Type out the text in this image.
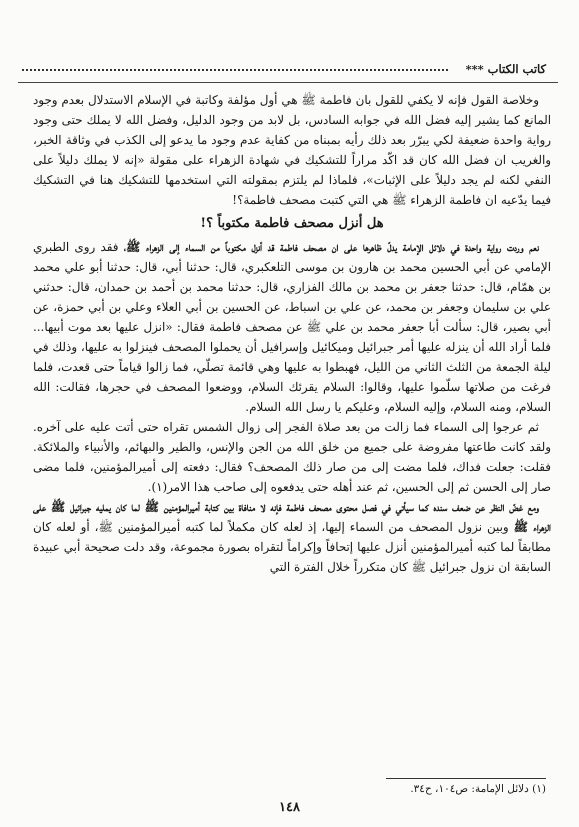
كاتب الكتاب ***

وخلاصة القول فإنه لا يكفي للقول بان فاطمة ﷺ هي أول مؤلفة وكاتبة في الإسلام الاستدلال بعدم وجود المانع كما يشير إليه فضل الله في جوابه السادس، بل لابد من وجود الدليل، وفضل الله لا يملك حتى وجود رواية واحدة ضعيفة لكي يبرّر بعد ذلك رأيه بمبناه من كفاية عدم وجود ما يدعو إلى الكذب في وثاقة الخبر، والغريب ان فضل الله كان قد اكّد مراراً للتشكيك في شهادة الزهراء على مقولة «إنه لا يملك دليلاً على النفي لكنه لم يجد دليلاً على الإثبات»، فلماذا لم يلتزم بمقولته التي استخدمها للتشكيك هنا في التشكيك فيما يدّعيه ان فاطمة الزهراء ﷺ هي التي كتبت مصحف فاطمة؟!

هل أنزل مصحف فاطمة مكتوباً ؟!

نعم وردت رواية واحدة في دلائل الإمامة يدلّ ظاهرها على ان مصحف فاطمة قد أنزل مكتوباً من السماء إلى الزهراء ﷺ، فقد روى الطبري الإمامي عن أبي الحسين محمد بن هارون بن موسى التلعكبري، قال: حدثنا أبي، قال: حدثنا أبو علي محمد بن همّام، قال: حدثنا جعفر بن محمد بن مالك الفزاري، قال: حدثنا محمد بن أحمد بن حمدان، قال: حدثني علي بن سليمان وجعفر بن محمد، عن علي بن اسباط، عن الحسين بن أبي العلاء وعلي بن أبي حمزة، عن أبي بصير، قال: سألت أبا جعفر محمد بن علي ﷺ عن مصحف فاطمة فقال: «انزل عليها بعد موت أبيها... فلما أراد الله أن ينزله عليها أمر جبرائيل وميكائيل وإسرافيل أن يحملوا المصحف فينزلوا به عليها، وذلك في ليلة الجمعة من الثلث الثاني من الليل، فهبطوا به عليها وهي قائمة تصلّي، فما زالوا قياماً حتى قعدت، فلما فرغت من صلاتها سلّموا عليها، وقالوا: السلام يقرئك السلام، ووضعوا المصحف في حجرها، فقالت: الله السلام، ومنه السلام، وإليه السلام، وعليكم يا رسل الله السلام.

ثم عرجوا إلى السماء فما زالت من بعد صلاة الفجر إلى زوال الشمس تقراه حتى أتت عليه على آخره. ولقد كانت طاعتها مفروضة على جميع من خلق الله من الجن والإنس، والطير والبهائم، والأنبياء والملائكة. فقلت: جعلت فداك، فلما مضت إلى من صار ذلك المصحف؟ فقال: دفعته إلى أميرالمؤمنين، فلما مضى صار إلى الحسن ثم إلى الحسين، ثم عند أهله حتى يدفعوه إلى صاحب هذا الامر(١).

ومع غضّ النظر عن ضعف سنده كما سيأتي في فصل محتوى مصحف فاطمة فإنه لا منافاة بين كتابة أميرالمؤمنين ﷺ لما كان يمليه جبرائيل ﷺ على الزهراء ﷺ وبين نزول المصحف من السماء إليها، إذ لعله كان مكملاً لما كتبه أميرالمؤمنين ﷺ، أو لعله كان مطابقاً لما كتبه أميرالمؤمنين أنزل عليها إتحافاً وإكراماً لتقراه بصورة مجموعة، وقد دلت صحيحة أبي عبيدة السابقة ان نزول جبرائيل ﷺ كان متكرراً خلال الفترة التي

(١) دلائل الإمامة: ص١٠٤، ح٣٤.
١٤٨
